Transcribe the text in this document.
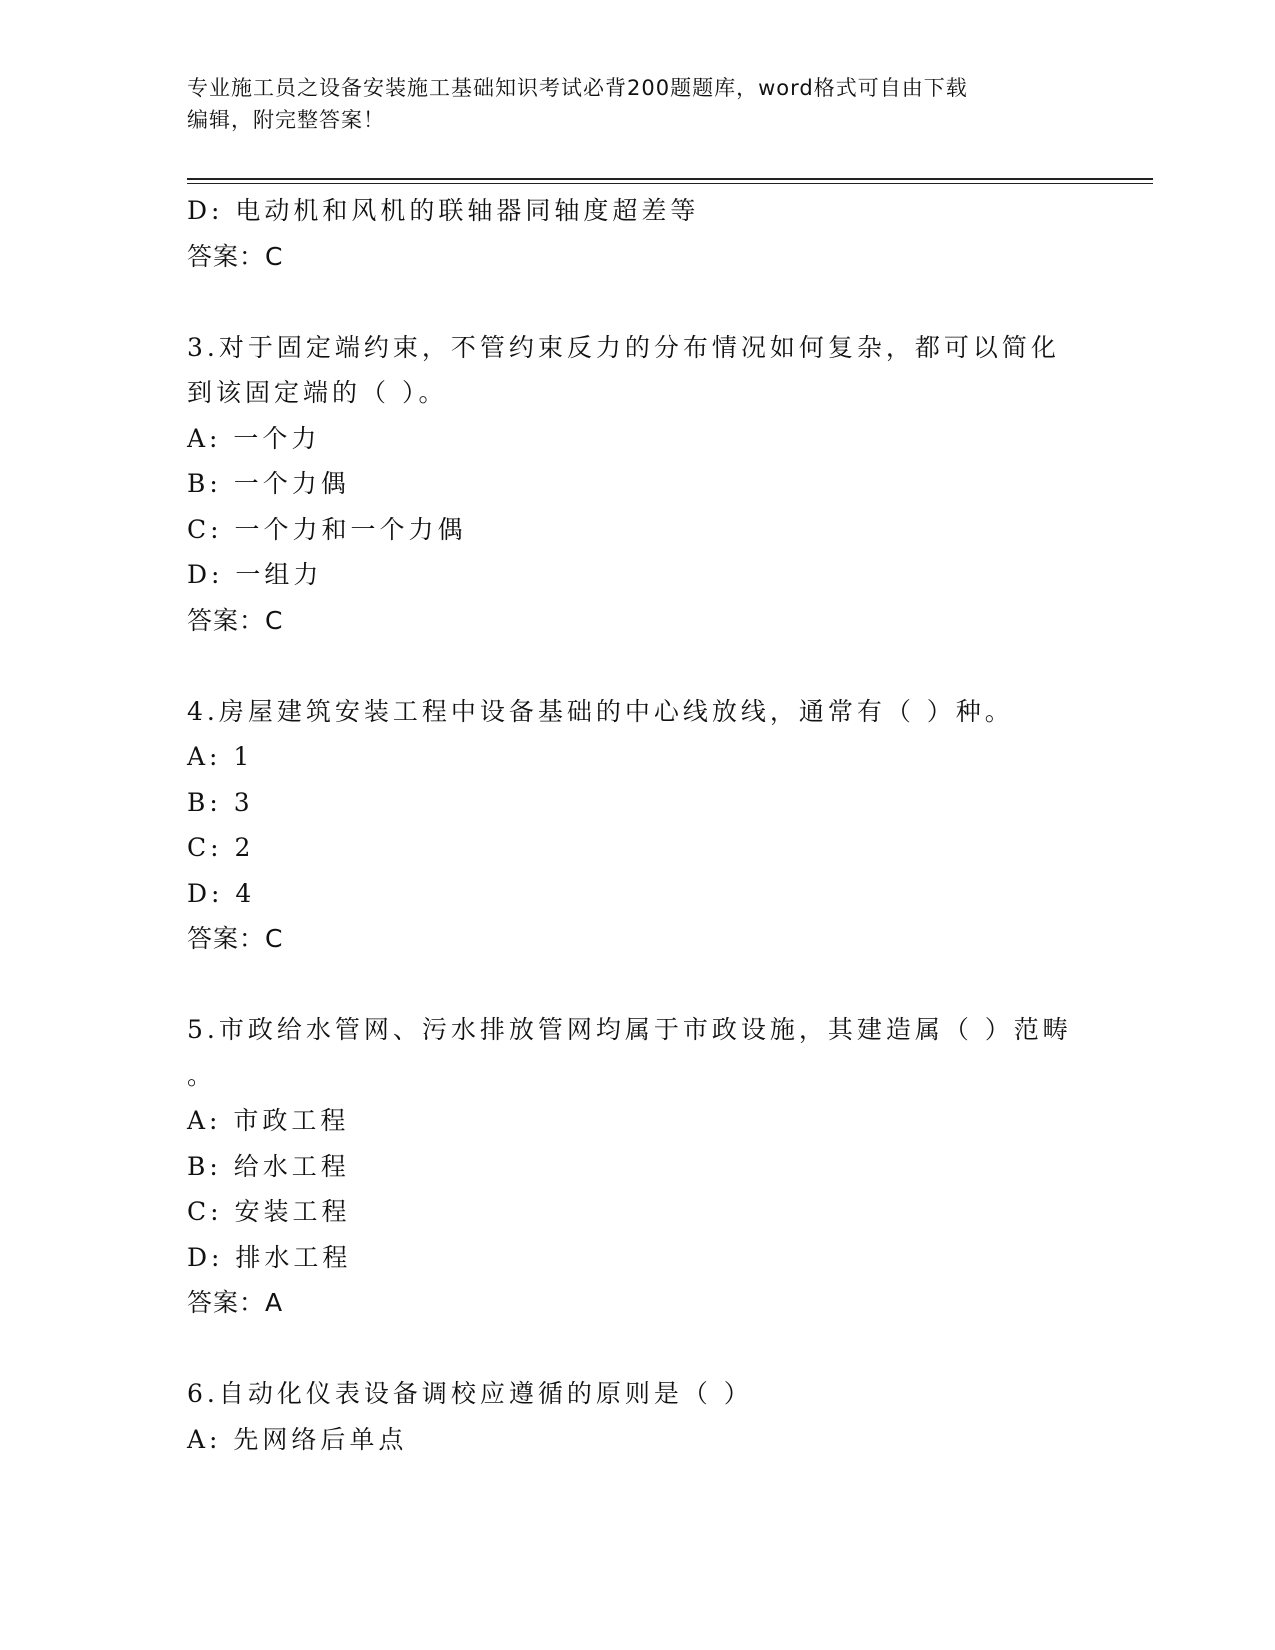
专业施工员之设备安装施工基础知识考试必背200题题库，word格式可自由下载
编辑，附完整答案！
D: 电动机和风机的联轴器同轴度超差等
答案：C
3.对于固定端约束，不管约束反力的分布情况如何复杂，都可以简化
到该固定端的（ ）。
A: 一个力
B: 一个力偶
C: 一个力和一个力偶
D: 一组力
答案：C
4.房屋建筑安装工程中设备基础的中心线放线，通常有（ ）种。
A: 1
B: 3
C: 2
D: 4
答案：C
5.市政给水管网、污水排放管网均属于市政设施，其建造属（ ）范畴
。
A: 市政工程
B: 给水工程
C: 安装工程
D: 排水工程
答案：A
6.自动化仪表设备调校应遵循的原则是（ ）
A: 先网络后单点
